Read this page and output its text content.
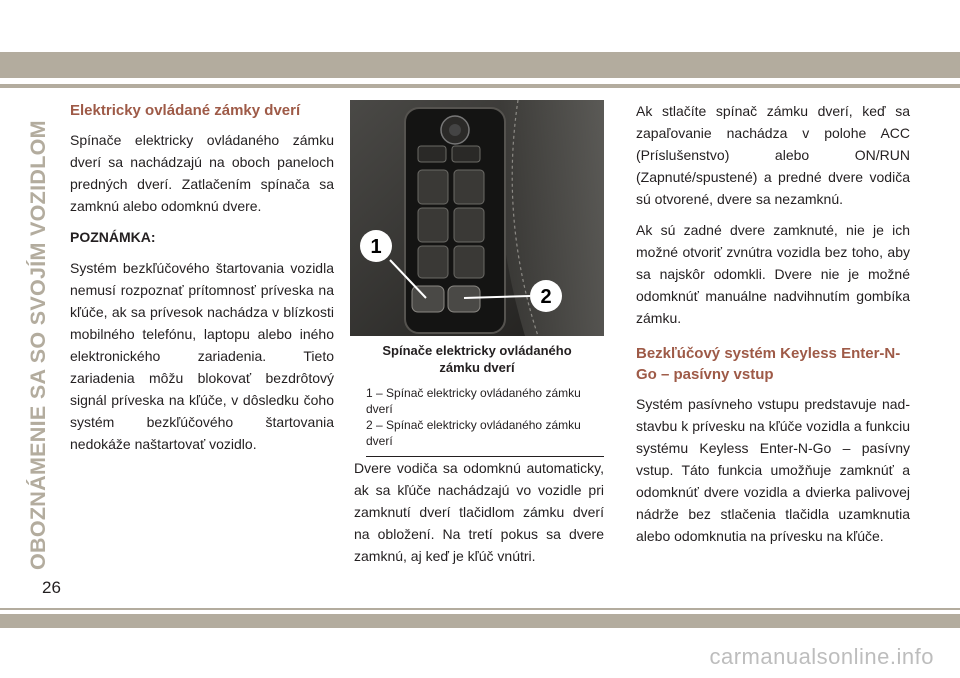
OBOZNÁMENIE SA SO SVOJÍM VOZIDLOM
26
Elektricky ovládané zámky dverí

Spínače elektricky ovládaného zámku dverí sa nachádzajú na oboch paneloch predných dverí. Zatlačením spínača sa zamknú alebo odomknú dvere.

POZNÁMKA:

Systém bezkľúčového štartovania vozidla nemusí rozpoznať prítomnosť príveska na kľúče, ak sa prívesok nachádza v blízkosti mobilného telefónu, laptopu alebo iného elektronického zariadenia. Tieto zariadenia môžu blokovať bezdrôtový signál príveska na kľúče, v dôsledku čoho systém bezkľúčového štartovania nedokáže naštartovať vozidlo.

1
2
Spínače elektricky ovládaného
zámku dverí
1 – Spínač elektricky ovládaného zámku dverí
2 – Spínač elektricky ovládaného zámku dverí

Dvere vodiča sa odomknú automaticky, ak sa kľúče nachádzajú vo vozidle pri zamknutí dverí tlačidlom zámku dverí na obložení. Na tretí pokus sa dvere zamknú, aj keď je kľúč vnútri.

Ak stlačíte spínač zámku dverí, keď sa zapaľovanie nachádza v polohe ACC (Príslušenstvo) alebo ON/RUN (Zapnuté/spustené) a predné dvere vodiča sú otvorené, dvere sa nezamknú.

Ak sú zadné dvere zamknuté, nie je ich možné otvoriť zvnútra vozidla bez toho, aby sa najskôr odomkli. Dvere nie je možné odomknúť manuálne nadvihnutím gombíka zámku.

Bezkľúčový systém Keyless Enter-N-Go – pasívny vstup

Systém pasívneho vstupu predstavuje nadstavbu k prívesku na kľúče vozidla a funkciu systému Keyless Enter-N-Go – pasívny vstup. Táto funkcia umožňuje zamknúť a odomknúť dvere vozidla a dvierka palivovej nádrže bez stlačenia tlačidla uzamknutia alebo odomknutia na prívesku na kľúče.

carmanualsonline.info
